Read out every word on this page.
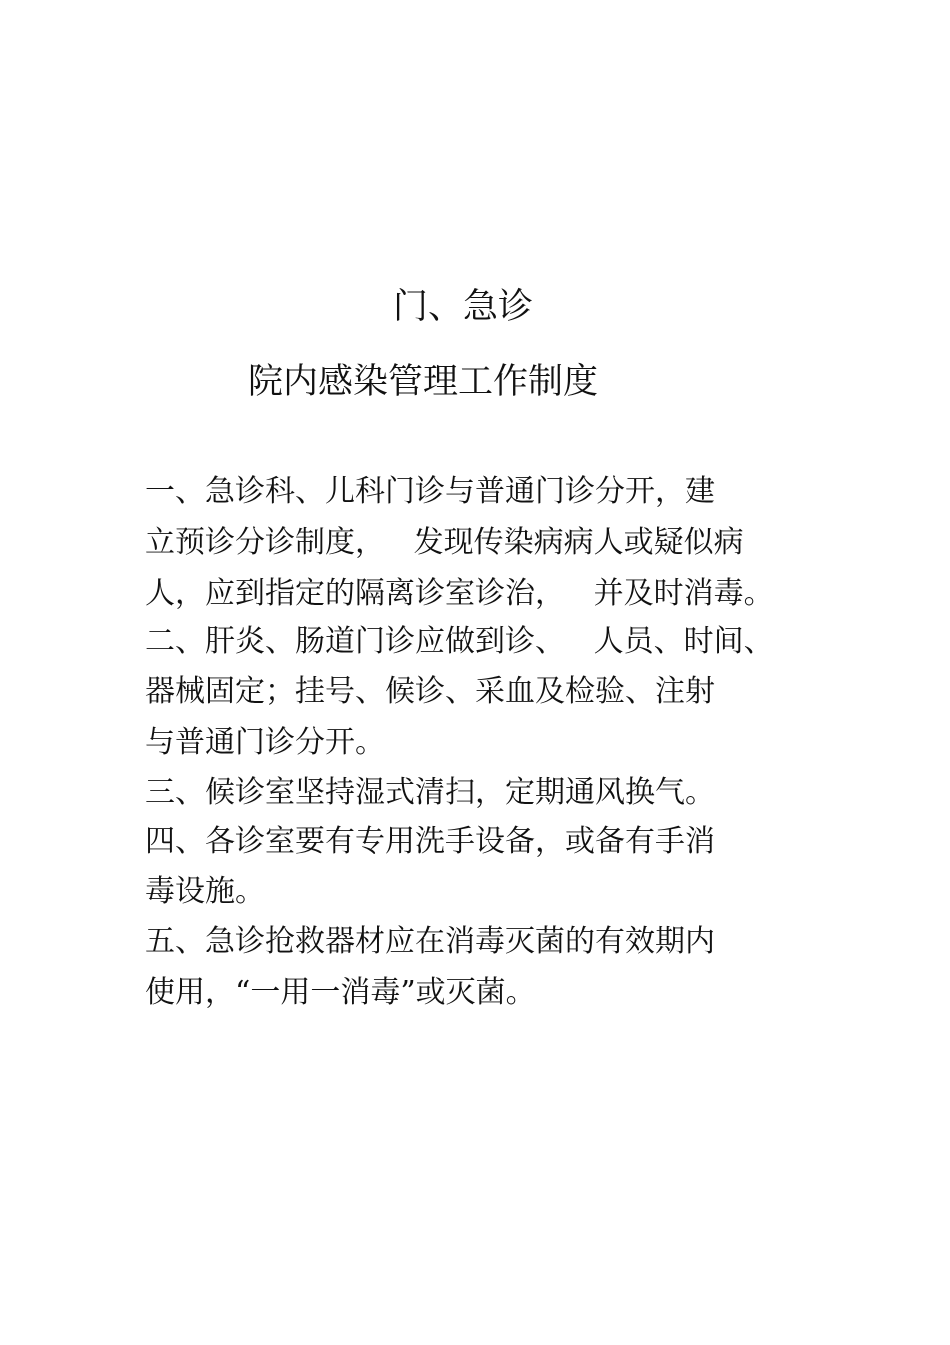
门、急诊
院内感染管理工作制度
一、急诊科、儿科门诊与普通门诊分开，建
立预诊分诊制度，   发现传染病病人或疑似病
人，应到指定的隔离诊室诊治，   并及时消毒。
二、肝炎、肠道门诊应做到诊、   人员、时间、
器械固定；挂号、候诊、采血及检验、注射
与普通门诊分开。
三、候诊室坚持湿式清扫，定期通风换气。
四、各诊室要有专用洗手设备，或备有手消
毒设施。
五、急诊抢救器材应在消毒灭菌的有效期内
使用，“一用一消毒”或灭菌。
